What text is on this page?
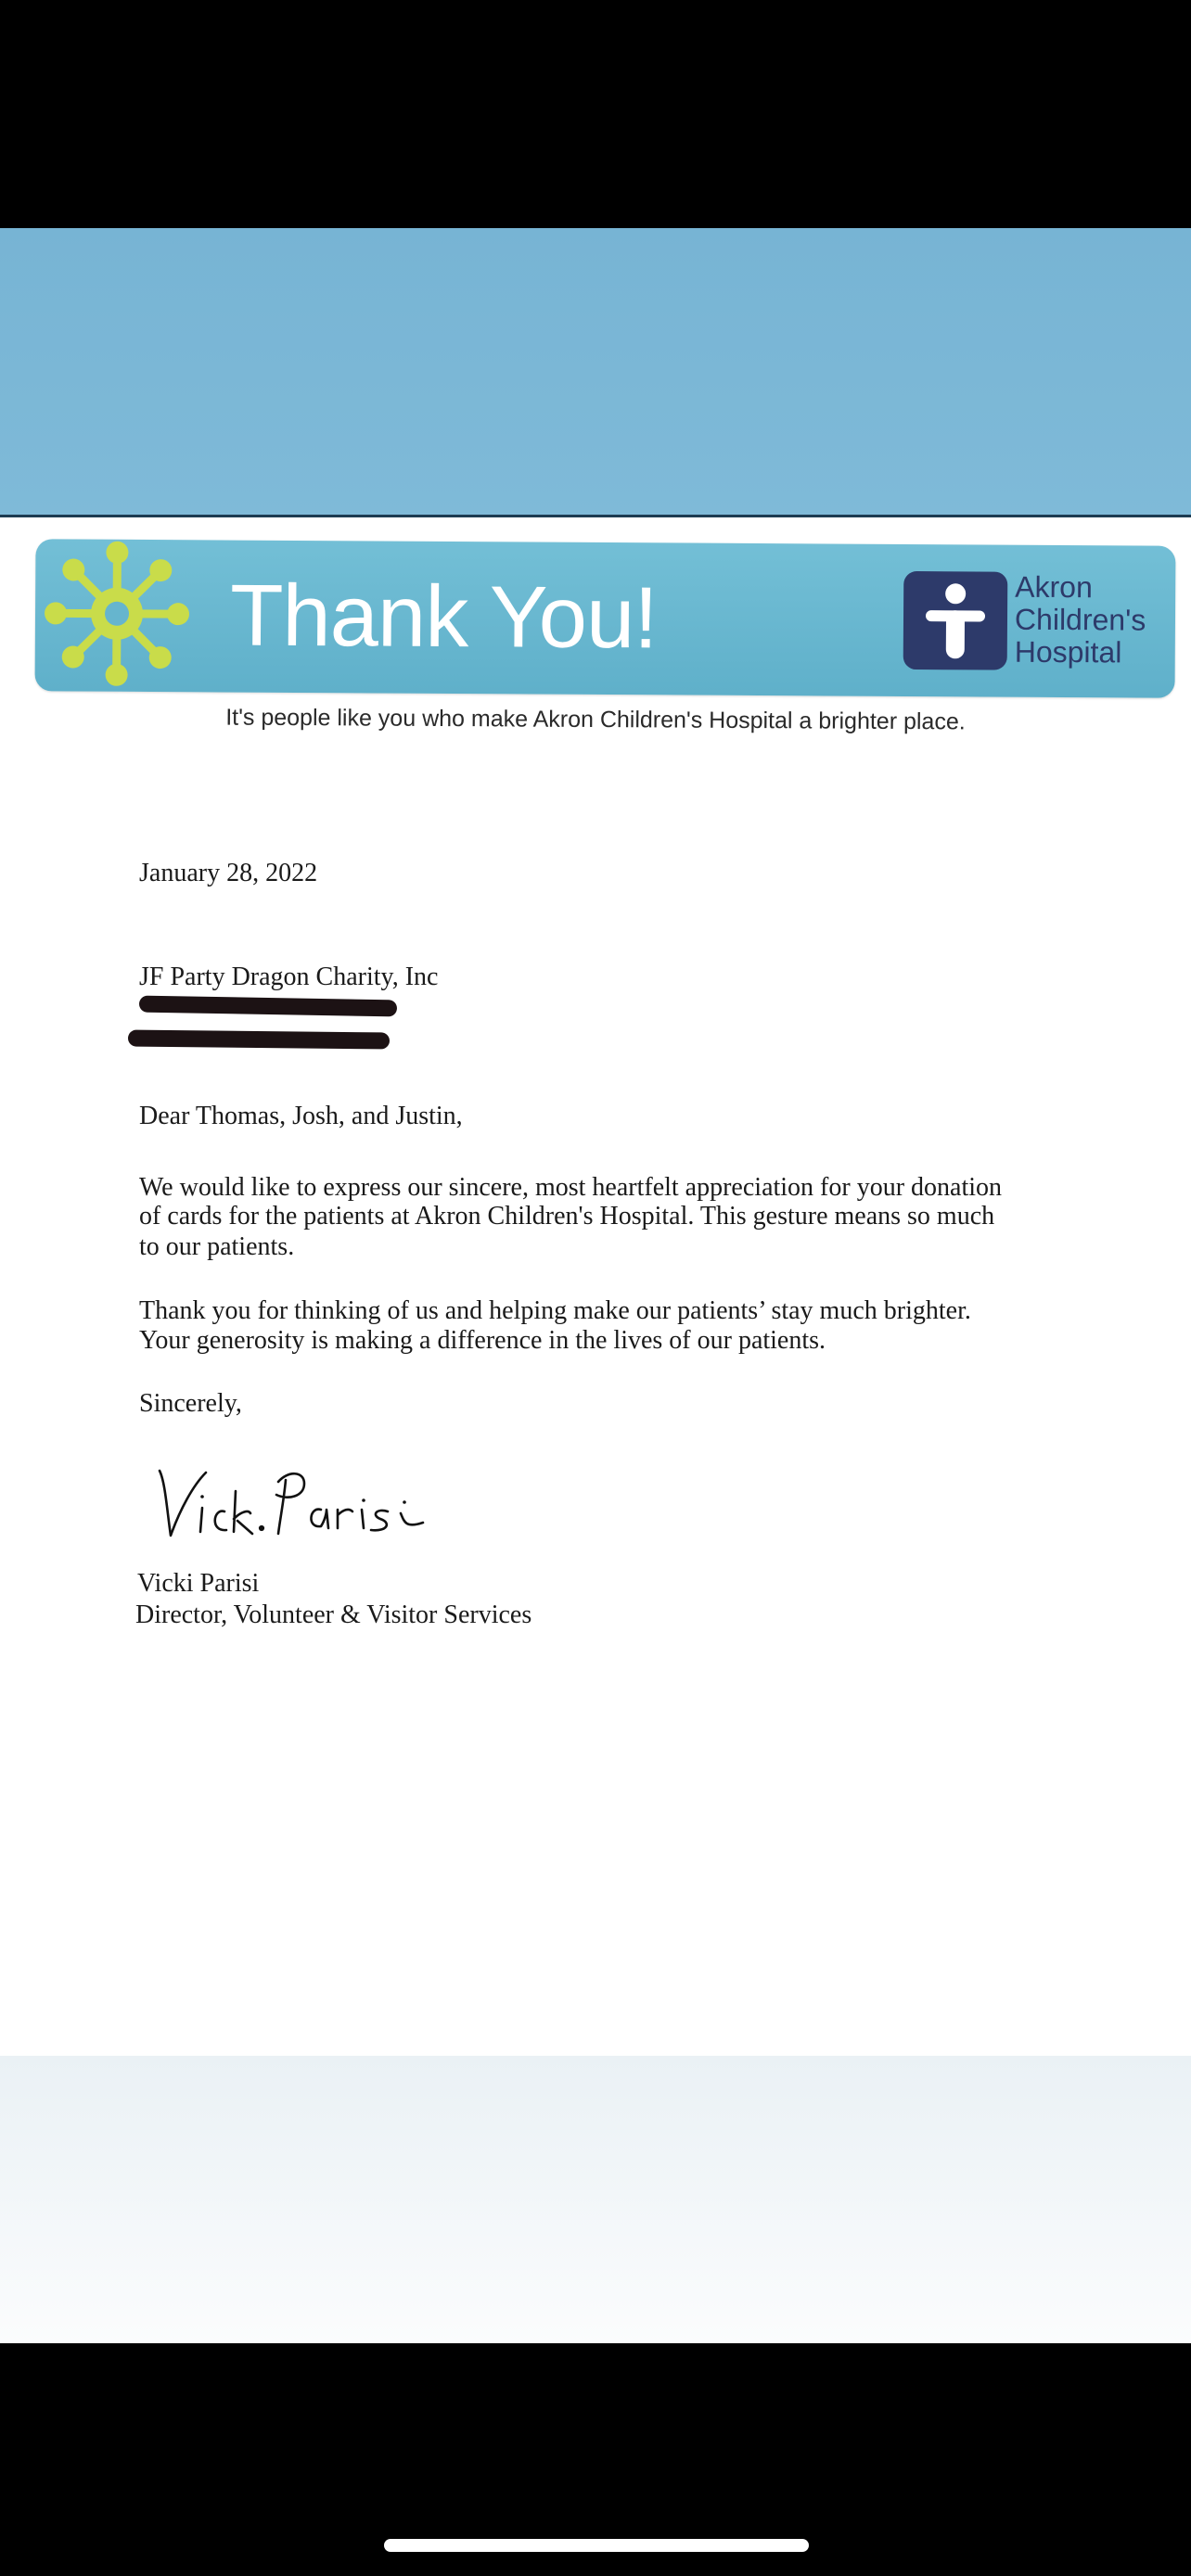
Thank You!	Akron
Children's
Hospital
It's people like you who make Akron Children's Hospital a brighter place.
January 28, 2022
JF Party Dragon Charity, Inc
Dear Thomas, Josh, and Justin,
We would like to express our sincere, most heartfelt appreciation for your donation
of cards for the patients at Akron Children's Hospital. This gesture means so much
to our patients.
Thank you for thinking of us and helping make our patients’ stay much brighter.
Your generosity is making a difference in the lives of our patients.
Sincerely,
Vicki Parisi
Director, Volunteer & Visitor Services
